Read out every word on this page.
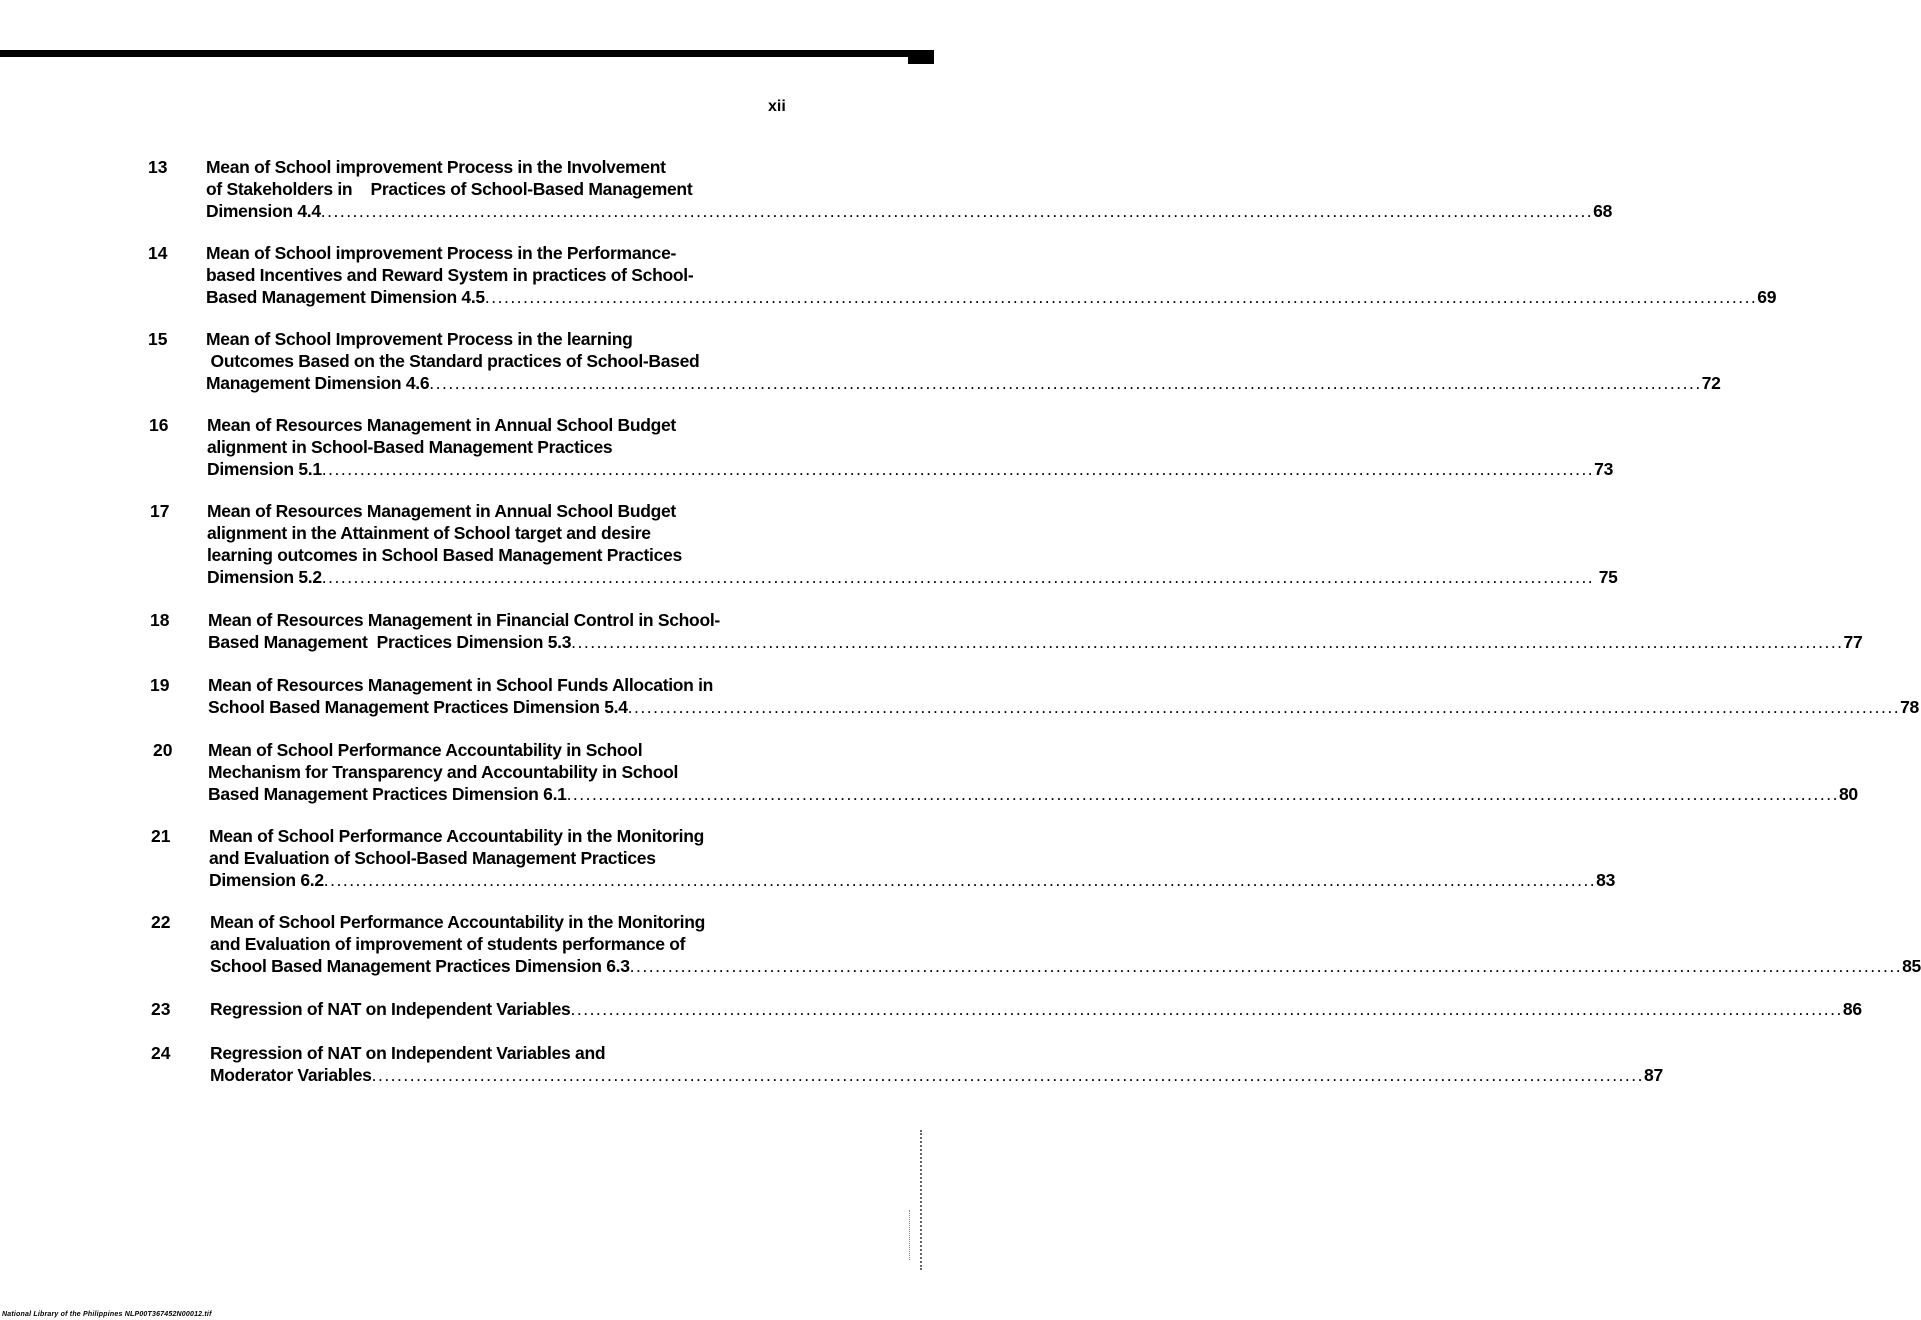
xii
13	Mean of School improvement Process in the Involvement
of Stakeholders in    Practices of School-Based Management
Dimension 4.4 ........................................................................................................................................................................................................ 68
14	Mean of School improvement Process in the Performance-
based Incentives and Reward System in practices of School-
Based Management Dimension 4.5 ........................................................................................................................................................................................................ 69
15	Mean of School Improvement Process in the learning
Outcomes Based on the Standard practices of School-Based
Management Dimension 4.6 ........................................................................................................................................................................................................ 72
16	Mean of Resources Management in Annual School Budget
alignment in School-Based Management Practices
Dimension 5.1 ........................................................................................................................................................................................................ 73
17	Mean of Resources Management in Annual School Budget
alignment in the Attainment of School target and desire
learning outcomes in School Based Management Practices
Dimension 5.2 ........................................................................................................................................................................................................ 75
18	Mean of Resources Management in Financial Control in School-
Based Management  Practices Dimension 5.3 ........................................................................................................................................................................................................ 77
19	Mean of Resources Management in School Funds Allocation in
School Based Management Practices Dimension 5.4 ........................................................................................................................................................................................................ 78
20	Mean of School Performance Accountability in School
Mechanism for Transparency and Accountability in School
Based Management Practices Dimension 6.1 ........................................................................................................................................................................................................ 80
21	Mean of School Performance Accountability in the Monitoring
and Evaluation of School-Based Management Practices
Dimension 6.2 ........................................................................................................................................................................................................ 83
22	Mean of School Performance Accountability in the Monitoring
and Evaluation of improvement of students performance of
School Based Management Practices Dimension 6.3 ........................................................................................................................................................................................................ 85
23	Regression of NAT on Independent Variables ........................................................................................................................................................................................................ 86
24	Regression of NAT on Independent Variables and
Moderator Variables ........................................................................................................................................................................................................ 87
National Library of the Philippines NLP00T367452N00012.tif
